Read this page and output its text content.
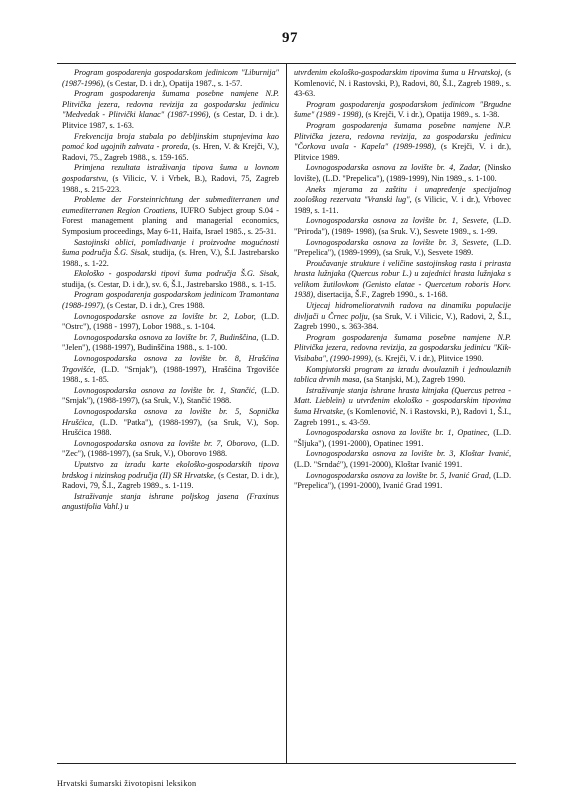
97

Program gospodarenja gospodarskom jedinicom "Liburnija" (1987-1996), (s Cestar, D. i dr.), Opatija 1987., s. 1-57.

Program gospodarenja šumama posebne namjene N.P. Plitvička jezera, redovna revizija za gospodarsku jedinicu "Medvedak - Plitvički klanac" (1987-1996), (s Cestar, D. i dr.). Plitvice 1987, s. 1-63.

Frekvencija broja stabala po debljinskim stupnjevima kao pomoć kod ugojnih zahvata - proreda, (s. Hren, V. & Krejči, V.), Radovi, 75., Zagreb 1988., s. 159-165.

Primjena rezultata istraživanja tipova šuma u lovnom gospodarstvu, (s Vilicic, V. i Vrbek, B.), Radovi, 75, Zagreb 1988., s. 215-223.

Probleme der Forsteinrichtung der submediterranen und eumediterranen Region Croatiens, IUFRO Subject group S.04 -Forest management planing and managerial economics, Symposium proceedings, May 6-11, Haifa, Israel 1985., s. 25-31.

Sastojinski oblici, pomlađivanje i proizvodne mogućnosti šuma područja Š.G. Sisak, studija, (s. Hren, V.), Š.I. Jastrebarsko 1988., s. 1-22.

Ekološko - gospodarski tipovi šuma područja Š.G. Sisak, studija, (s. Cestar, D. i dr.), sv. 6, Š.I., Jastrebarsko 1988., s. 1-15.

Program gospodarenja gospodarskom jedinicom Tramontana (1988-1997), (s Cestar, D. i dr.), Cres 1988.

Lovnogospodarske osnove za lovište br. 2, Lobor, (L.D. "Ostrc"), (1988 - 1997), Lobor 1988., s. 1-104.

Lovnogospodarska osnova za lovište br. 7, Budinščina, (L.D. "Jelen"), (1988-1997), Budinščina 1988., s. 1-100.

Lovnogospodarska osnova za lovište br. 8, Hrašćina Trgovišće, (L.D. "Srnjak"), (1988-1997), Hrašćina Trgovišće 1988., s. 1-85.

Lovnogospodarska osnova za lovište br. 1, Stančić, (L.D. "Srnjak"), (1988-1997), (sa Sruk, V.), Stančić 1988.

Lovnogospodarska osnova za lovište br. 5, Sopnička Hrušćica, (L.D. "Patka"), (1988-1997), (sa Sruk, V.), Sop. Hrušćica 1988.

Lovnogospodarska osnova za lovište br. 7, Oborovo, (L.D. "Zec"), (1988-1997), (sa Sruk, V.), Oborovo 1988.

Uputstvo za izradu karte ekološko-gospodarskih tipova brdskog i nizinskog područja (II) SR Hrvatske, (s Cestar, D. i dr.), Radovi, 79, Š.I., Zagreb 1989., s. 1-119.

Istraživanje stanja ishrane poljskog jasena (Fraxinus angustifolia Vahl.) u

utvrđenim ekološko-gospodarskim tipovima šuma u Hrvatskoj, (s Komlenović, N. i Rastovski, P.), Radovi, 80, Š.I., Zagreb 1989., s. 43-63.

Program gospodarenja gospodarskom jedinicom "Brgudne šume" (1989 - 1998), (s Krejči, V. i dr.), Opatija 1989., s. 1-38.

Program gospodarenja šumama posebne namjene N.P. Plitvička jezera, redovna revizija, za gospodarsku jedinicu "Čorkova uvala - Kapela" (1989-1998), (s Krejči, V. i dr.), Plitvice 1989.

Lovnogospodarska osnova za lovište br. 4, Zadar, (Ninsko lovište), (L.D. "Prepelica"), (1989-1999), Nin 1989., s. 1-100.

Aneks mjerama za zaštitu i unapređenje specijalnog zoološkog rezervata "Vranski lug", (s Vilicic, V. i dr.), Vrbovec 1989, s. 1-11.

Lovnogospodarska osnova za lovište br. 1, Sesvete, (L.D. "Priroda"), (1989- 1998), (sa Sruk. V.), Sesvete 1989., s. 1-99.

Lovnogospodarska osnova za lovište br. 3, Sesvete, (L.D. "Prepelica"), (1989-1999), (sa Sruk, V.), Sesvete 1989.

Proučavanje strukture i veličine sastojinskog rasta i prirasta hrasta lužnjaka (Quercus robur L.) u zajednici hrasta lužnjaka s velikom žutilovkom (Genisto elatae - Quercetum roboris Horv. 1938), disertacija, Š.F., Zagreb 1990., s. 1-168.

Utjecaj hidromelioratvnih radova na dinamiku populacije divljači u Črnec polju, (sa Sruk, V. i Vilicic, V.), Radovi, 2, Š.I., Zagreb 1990., s. 363-384.

Program gospodarenja šumama posebne namjene N.P. Plitvička jezera, redovna revizija, za gospodarsku jedinicu "Kik-Visibaba", (1990-1999), (s. Krejči, V. i dr.), Plitvice 1990.

Kompjutorski program za izradu dvoulaznih i jednoulaznih tablica drvnih masa, (sa Stanjski, M.), Zagreb 1990.

Istraživanje stanja ishrane hrasta kitnjaka (Quercus petrea - Matt. Liebleïn) u utvrđenim ekološko - gospodarskim tipovima šuma Hrvatske, (s Komlenović, N. i Rastovski, P.), Radovi 1, Š.I., Zagreb 1991., s. 43-59.

Lovnogospodarska osnova za lovište br. 1, Opatinec, (L.D. "Šljuka"), (1991-2000), Opatinec 1991.

Lovnogospodarska osnova za lovište br. 3, Kloštar Ivanić, (L.D. "Srndać"), (1991-2000), Kloštar Ivanić 1991.

Lovnogospodarska osnova za lovište br. 5, Ivanić Grad, (L.D. "Prepelica"), (1991-2000), Ivanić Grad 1991.

Hrvatski šumarski životopisni leksikon
